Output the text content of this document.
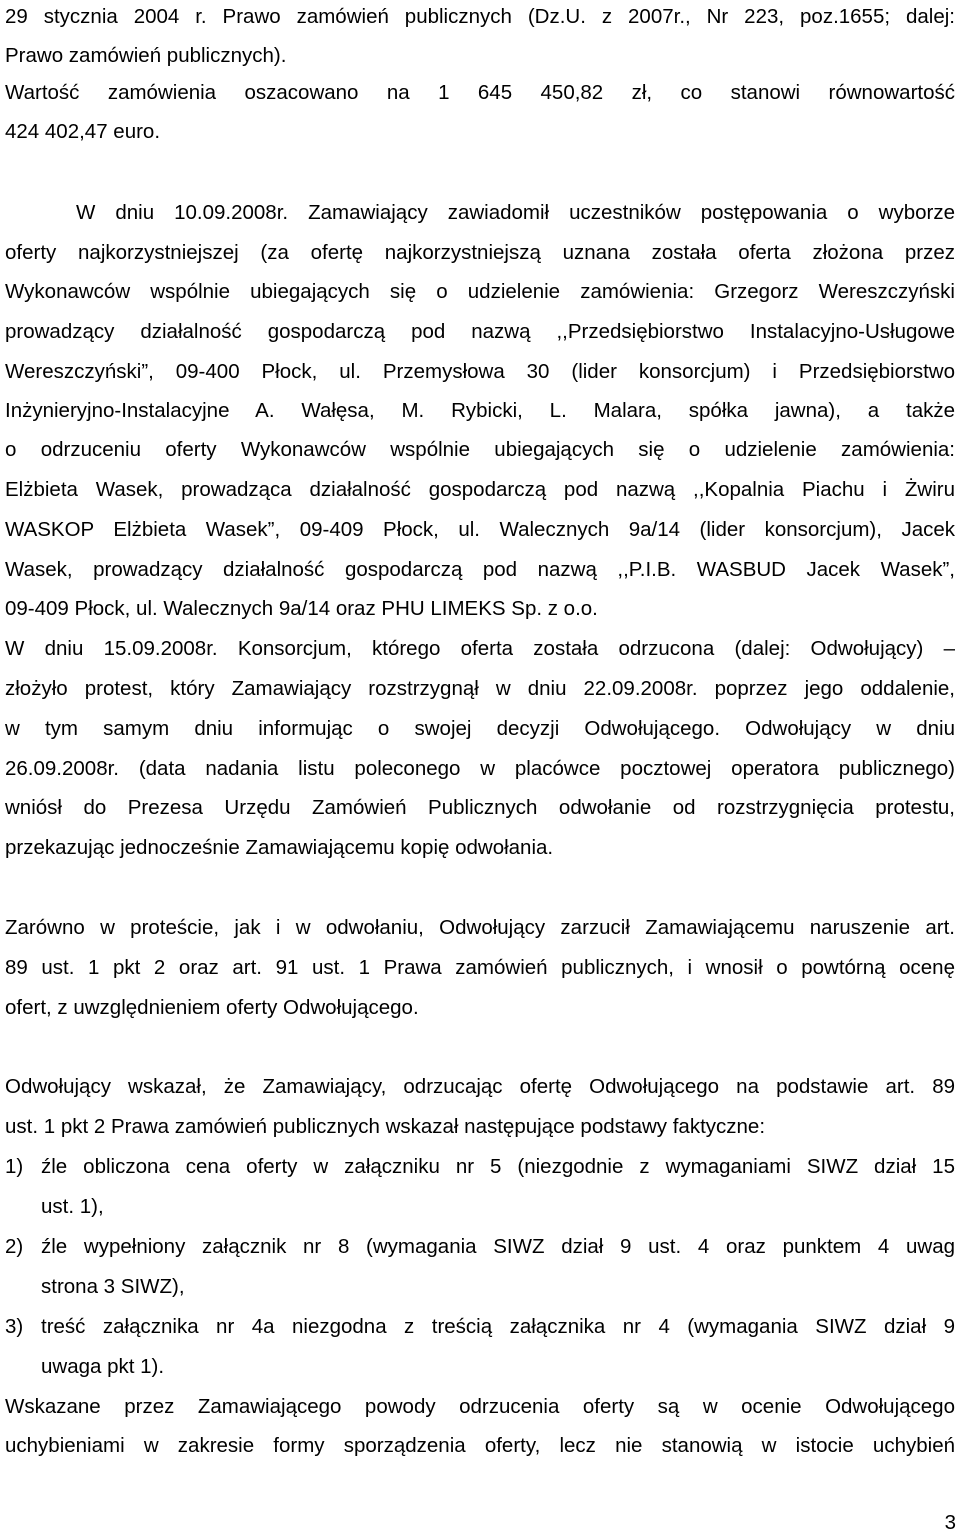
29 stycznia 2004 r. Prawo zamówień publicznych (Dz.U. z 2007r., Nr 223, poz.1655; dalej:
Prawo zamówień publicznych).
Wartość zamówienia oszacowano na 1 645 450,82 zł, co stanowi równowartość
424 402,47 euro.
W dniu 10.09.2008r. Zamawiający zawiadomił uczestników postępowania o wyborze
oferty najkorzystniejszej (za ofertę najkorzystniejszą uznana została oferta złożona przez
Wykonawców wspólnie ubiegających się o udzielenie zamówienia: Grzegorz Wereszczyński
prowadzący działalność gospodarczą pod nazwą ,,Przedsiębiorstwo Instalacyjno-Usługowe
Wereszczyński”, 09-400 Płock, ul. Przemysłowa 30 (lider konsorcjum) i Przedsiębiorstwo
Inżynieryjno-Instalacyjne A. Wałęsa, M. Rybicki, L. Malara, spółka jawna), a także
o odrzuceniu oferty Wykonawców wspólnie ubiegających się o udzielenie zamówienia:
Elżbieta Wasek, prowadząca działalność gospodarczą pod nazwą ,,Kopalnia Piachu i Żwiru
WASKOP Elżbieta Wasek”, 09-409 Płock, ul. Walecznych 9a/14 (lider konsorcjum), Jacek
Wasek, prowadzący działalność gospodarczą pod nazwą ,,P.I.B. WASBUD Jacek Wasek”,
09-409 Płock, ul. Walecznych 9a/14 oraz PHU LIMEKS Sp. z o.o.
W dniu 15.09.2008r. Konsorcjum, którego oferta została odrzucona (dalej: Odwołujący) –
złożyło protest, który Zamawiający rozstrzygnął w dniu 22.09.2008r. poprzez jego oddalenie,
w tym samym dniu informując o swojej decyzji Odwołującego. Odwołujący w dniu
26.09.2008r. (data nadania listu poleconego w placówce pocztowej operatora publicznego)
wniósł do Prezesa Urzędu Zamówień Publicznych odwołanie od rozstrzygnięcia protestu,
przekazując jednocześnie Zamawiającemu kopię odwołania.
Zarówno w proteście, jak i w odwołaniu, Odwołujący zarzucił Zamawiającemu naruszenie art.
89 ust. 1 pkt 2 oraz art. 91 ust. 1 Prawa zamówień publicznych, i wnosił o powtórną ocenę
ofert, z uwzględnieniem oferty Odwołującego.
Odwołujący wskazał, że Zamawiający, odrzucając ofertę Odwołującego na podstawie art. 89
ust. 1 pkt 2 Prawa zamówień publicznych wskazał następujące podstawy faktyczne:
1) źle obliczona cena oferty w załączniku nr 5 (niezgodnie z wymaganiami SIWZ dział 15
ust. 1),
2) źle wypełniony załącznik nr 8 (wymagania SIWZ dział 9 ust. 4 oraz punktem 4 uwag
strona 3 SIWZ),
3) treść załącznika nr 4a niezgodna z treścią załącznika nr 4 (wymagania SIWZ dział 9
uwaga pkt 1).
Wskazane przez Zamawiającego powody odrzucenia oferty są w ocenie Odwołującego
uchybieniami w zakresie formy sporządzenia oferty, lecz nie stanowią w istocie uchybień
3
